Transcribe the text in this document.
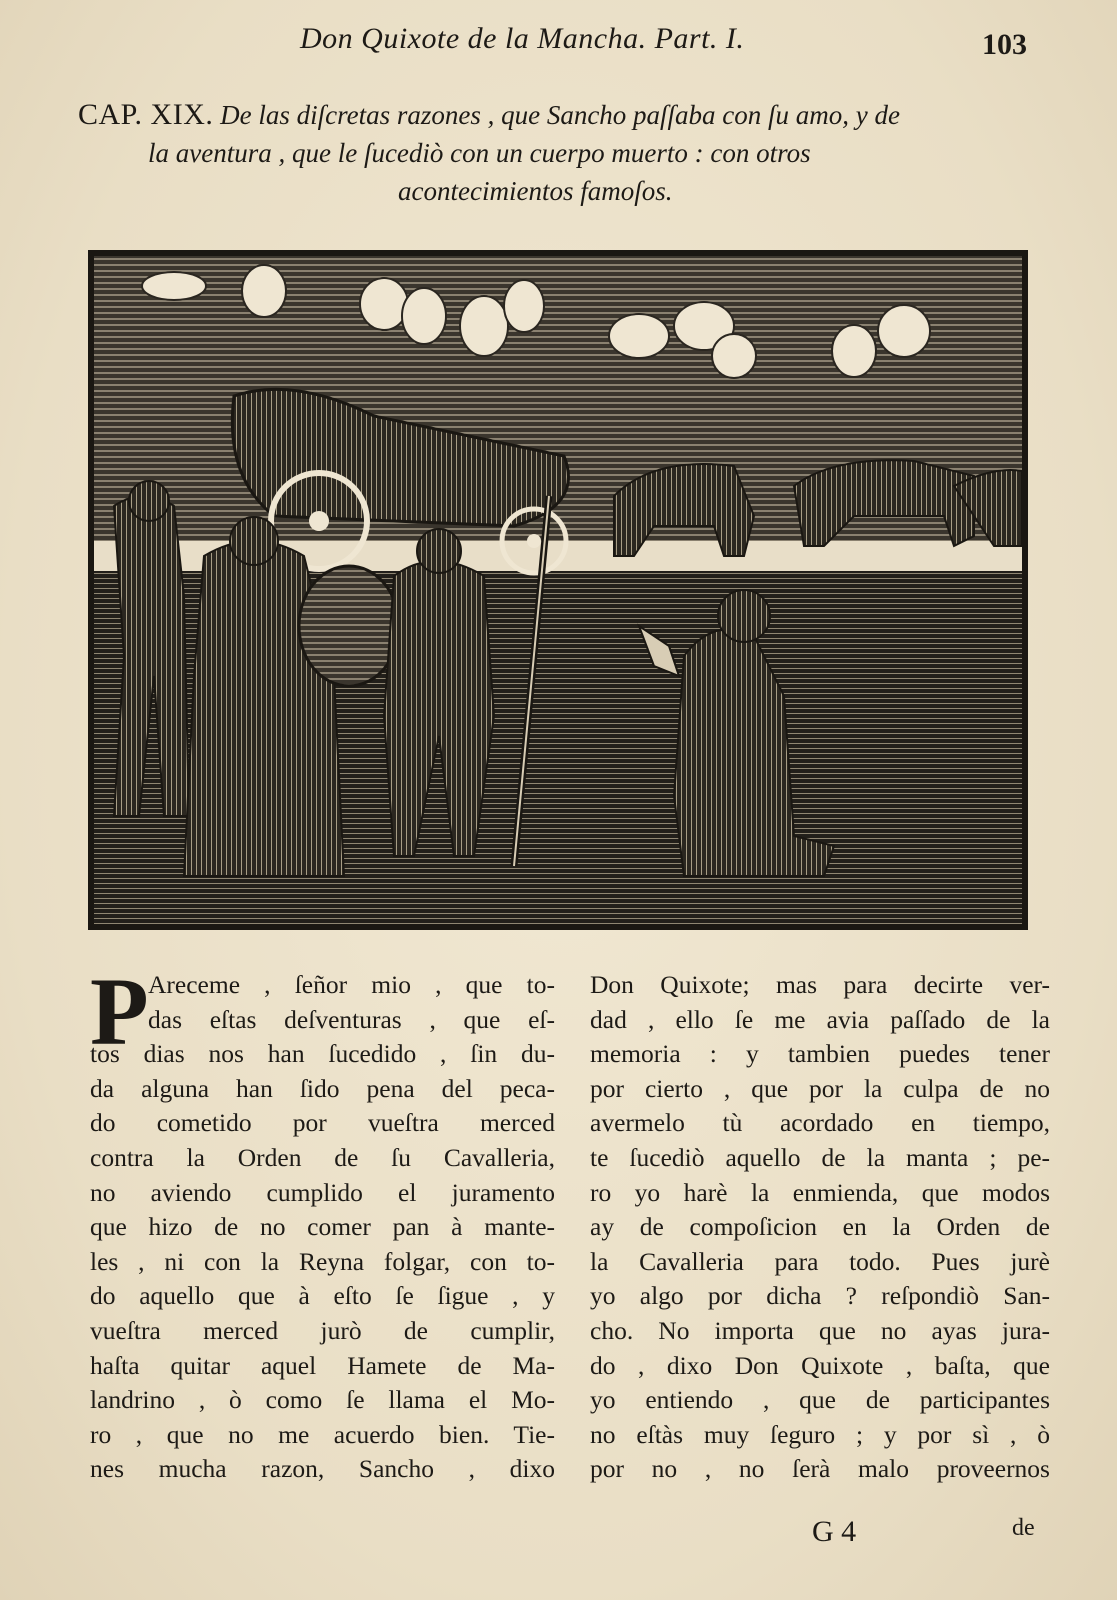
Don Quixote de la Mancha. Part. I.	103
CAP. XIX. De las diſcretas razones , que Sancho paſſaba con ſu amo, y de
la aventura , que le ſucediò con un cuerpo muerto : con otros
acontecimientos famoſos.
P Areceme , ſeñor mio , que to-
das eſtas deſventuras , que eſ-
tos dias nos han ſucedido , ſin du-
da alguna han ſido pena del peca-
do cometido por vueſtra merced
contra la Orden de ſu Cavalleria,
no aviendo cumplido el juramento
que hizo de no comer pan à mante-
les , ni con la Reyna folgar, con to-
do aquello que à eſto ſe ſigue , y
vueſtra merced jurò de cumplir,
haſta quitar aquel Hamete de Ma-
landrino , ò como ſe llama el Mo-
ro , que no me acuerdo bien. Tie-
nes mucha razon, Sancho , dixo
Don Quixote; mas para decirte ver-
dad , ello ſe me avia paſſado de la
memoria : y tambien puedes tener
por cierto , que por la culpa de no
avermelo tù acordado en tiempo,
te ſucediò aquello de la manta ; pe-
ro yo harè la enmienda, que modos
ay de compoſicion en la Orden de
la Cavalleria para todo. Pues jurè
yo algo por dicha ? reſpondiò San-
cho. No importa que no ayas jura-
do , dixo Don Quixote , baſta, que
yo entiendo , que de participantes
no eſtàs muy ſeguro ; y por sì , ò
por no , no ſerà malo proveernos
G 4	de
